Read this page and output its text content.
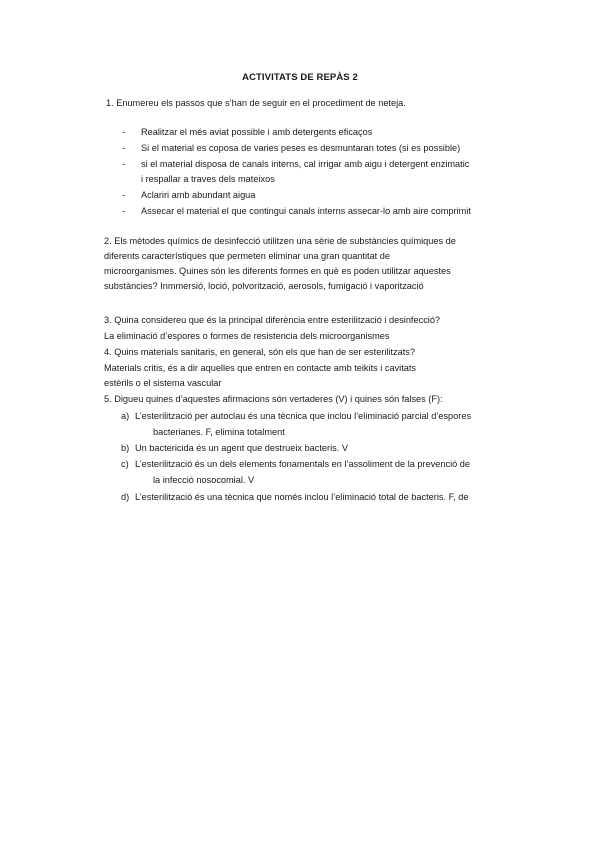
ACTIVITATS DE REPÀS 2
1. Enumereu els passos que s’han de seguir en el procediment de neteja.
- Realitzar el més aviat possible i amb detergents eficaços
- Si el material es coposa de varies peses es desmuntaran totes (si es possible)
- si el material disposa de canals interns, cal irrigar amb aigu i detergent enzimatic
i respallar a traves dels mateixos
- Aclariri amb abundant aigua
- Assecar el material el que contingui canals interns assecar-lo amb aire comprimit
2. Els mètodes químics de desinfecció utilitzen una sèrie de substàncies químiques de
diferents característiques que permeten eliminar una gran quantitat de
microorganismes. Quines són les diferents formes en què es poden utilitzar aquestes
substàncies? Inmmersió, loció, polvorització, aerosols, fumigació i vaporització
3. Quina considereu que és la principal diferència entre esterilització i desinfecció?
La eliminació d’espores o formes de resistencia dels microorganismes
4. Quins materials sanitaris, en general, són els que han de ser esterilitzats?
Materials critis, és a dir aquelles que entren en contacte amb teikits i cavitats
estèrils o el sistema vascular
5. Digueu quines d’aquestes afirmacions són vertaderes (V) i quines són falses (F):
a) L’esterilització per autoclau és una tècnica que inclou l’eliminació parcial d’espores
bacterianes. F, elimina totalment
b) Un bactericida és un agent que destrueix bacteris. V
c) L’esterilització és un dels elements fonamentals en l’assoliment de la prevenció de
la infecció nosocomial. V
d) L’esterilització és una tècnica que només inclou l’eliminació total de bacteris. F, de
